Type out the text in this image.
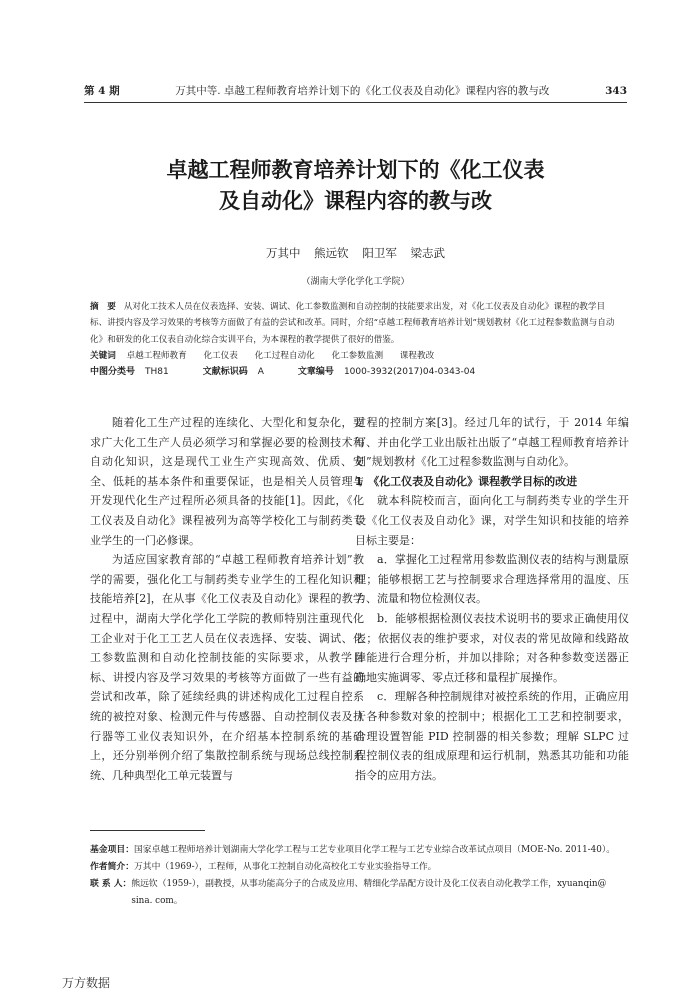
第 4 期	万其中等. 卓越工程师教育培养计划下的《化工仪表及自动化》课程内容的教与改	343
卓越工程师教育培养计划下的《化工仪表
及自动化》课程内容的教与改
万其中 熊远钦 阳卫军 梁志武
（湖南大学化学化工学院）
摘　要 从对化工技术人员在仪表选择、安装、调试、化工参数监测和自动控制的技能要求出发，对《化工仪表及自动化》课程的教学目标、讲授内容及学习效果的考核等方面做了有益的尝试和改革。同时，介绍“卓越工程师教育培养计划”规划教材《化工过程参数监测与自动化》和研发的化工仪表自动化综合实训平台，为本课程的教学提供了很好的借鉴。
关键词 卓越工程师教育 化工仪表 化工过程自动化 化工参数监测 课程教改
中图分类号 TH81	文献标识码 A	文章编号 1000-3932(2017)04-0343-04

随着化工生产过程的连续化、大型化和复杂化，要求广大化工生产人员必须学习和掌握必要的检测技术和自动化知识，这是现代工业生产实现高效、优质、安全、低耗的基本条件和重要保证，也是相关人员管理与开发现代化生产过程所必须具备的技能[1]。因此，《化工仪表及自动化》课程被列为高等学校化工与制药类专业学生的一门必修课。

为适应国家教育部的“卓越工程师教育培养计划”教学的需要，强化化工与制药类专业学生的工程化知识和技能培养[2]，在从事《化工仪表及自动化》课程的教学过程中，湖南大学化学化工学院的教师特别注重现代化工企业对于化工工艺人员在仪表选择、安装、调试、化工参数监测和自动化控制技能的实际要求，从教学目标、讲授内容及学习效果的考核等方面做了一些有益的尝试和改革，除了延续经典的讲述构成化工过程自控系统的被控对象、检测元件与传感器、自动控制仪表及执行器等工业仪表知识外，在介绍基本控制系统的基础上，还分别举例介绍了集散控制系统与现场总线控制系统、几种典型化工单元装置与

过程的控制方案[3]。经过几年的试行，于 2014 年编写、并由化学工业出版社出版了“卓越工程师教育培养计划”规划教材《化工过程参数监测与自动化》。

1　《化工仪表及自动化》课程教学目标的改进

就本科院校而言，面向化工与制药类专业的学生开设《化工仪表及自动化》课，对学生知识和技能的培养目标主要是：

a．掌握化工过程常用参数监测仪表的结构与测量原理；能够根据工艺与控制要求合理选择常用的温度、压力、流量和物位检测仪表。

b．能够根据检测仪表技术说明书的要求正确使用仪表；依据仪表的维护要求，对仪表的常见故障和线路故障能进行合理分析，并加以排除；对各种参数变送器正确地实施调零、零点迁移和量程扩展操作。

c．理解各种控制规律对被控系统的作用，正确应用于各种参数对象的控制中；根据化工工艺和控制要求，合理设置智能 PID 控制器的相关参数；理解 SLPC 过程控制仪表的组成原理和运行机制，熟悉其功能和功能指令的应用方法。

基金项目： 国家卓越工程师培养计划湖南大学化学工程与工艺专业项目化学工程与工艺专业综合改革试点项目（MOE-No. 2011-40）。
作者简介： 万其中（1969-），工程师，从事化工控制自动化高校化工专业实验指导工作。
联 系 人： 熊远钦（1959-），副教授，从事功能高分子的合成及应用、精细化学品配方设计及化工仪表自动化教学工作，xyuanqin@ sina. com。
万方数据
